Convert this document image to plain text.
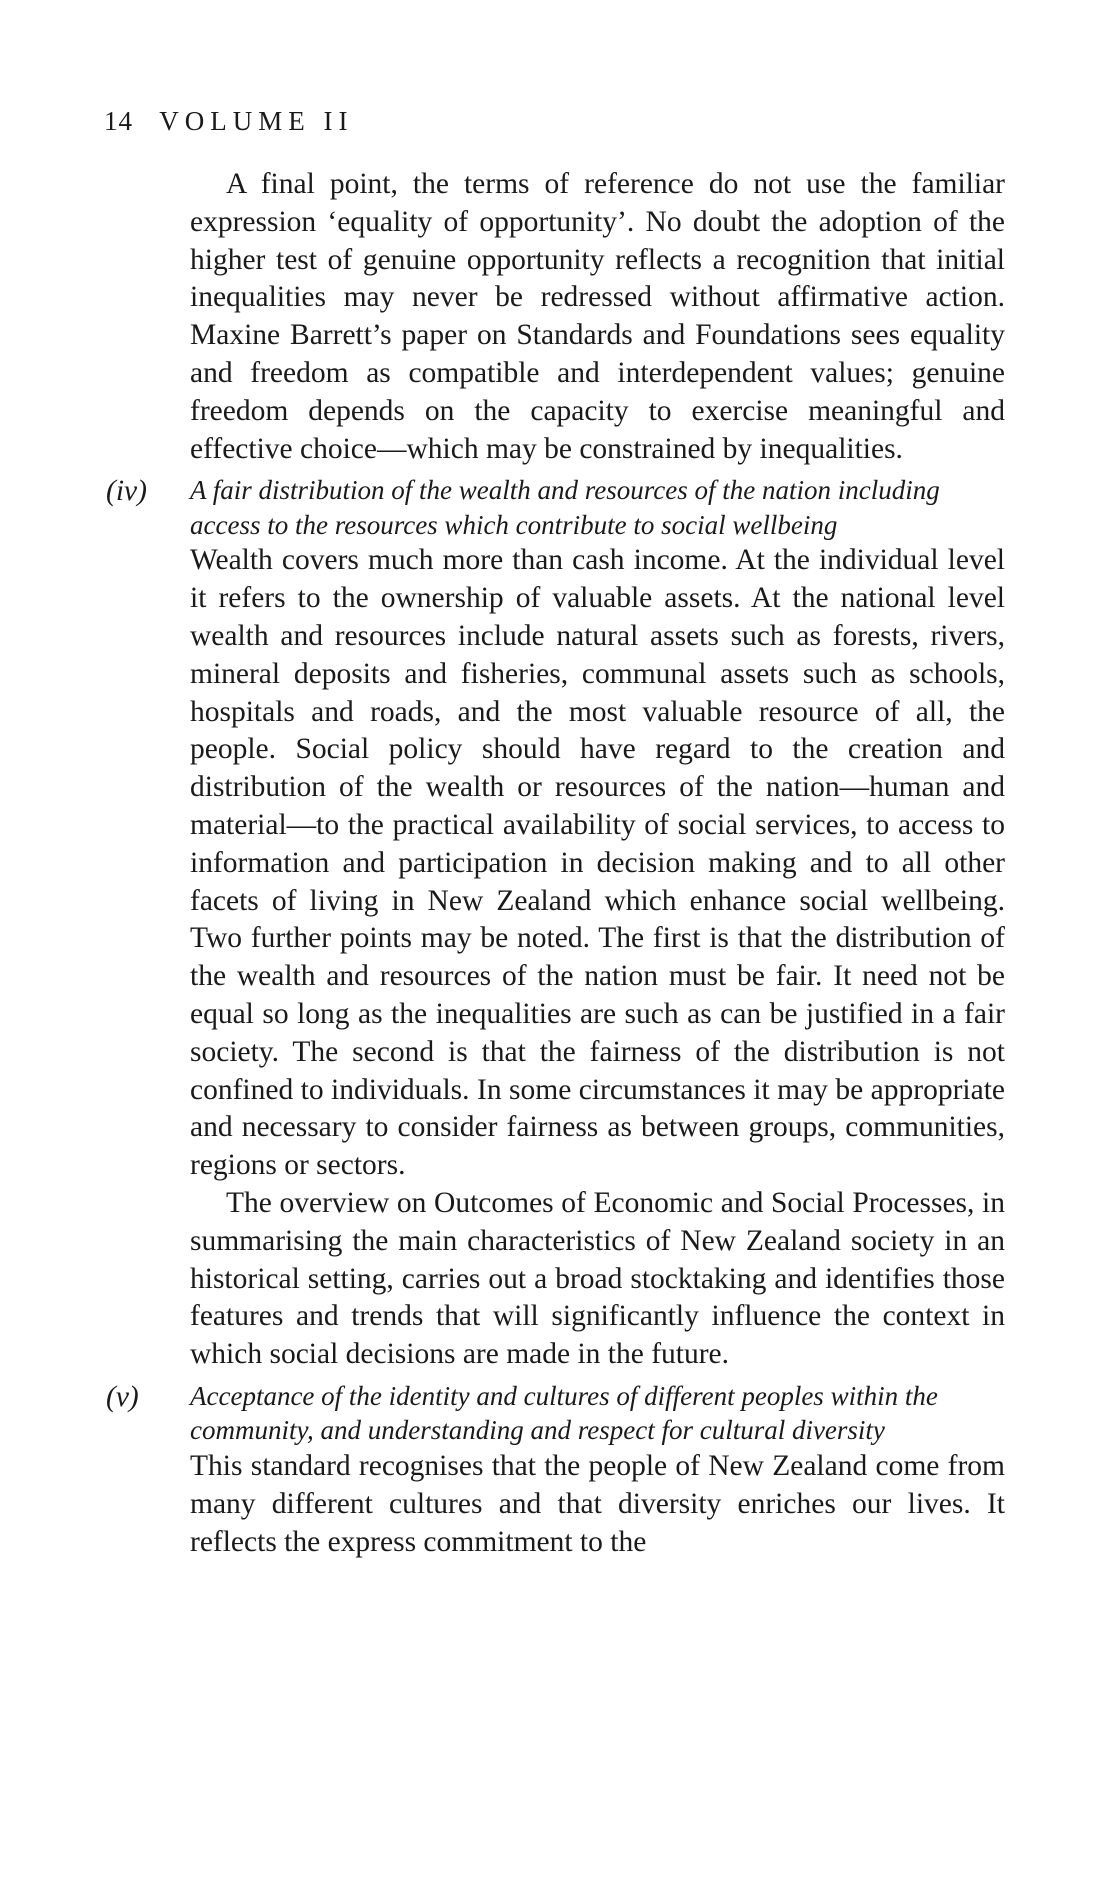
14 VOLUME II

A final point, the terms of reference do not use the familiar expression ‘equality of opportunity’. No doubt the adoption of the higher test of genuine opportunity reflects a recognition that initial inequalities may never be redressed without affirmative action. Maxine Barrett’s paper on Standards and Foundations sees equality and freedom as compatible and interdependent values; genuine freedom depends on the capacity to exercise meaningful and effective choice—which may be constrained by inequalities.

(iv) A fair distribution of the wealth and resources of the nation including access to the resources which contribute to social wellbeing

Wealth covers much more than cash income. At the individual level it refers to the ownership of valuable assets. At the national level wealth and resources include natural assets such as forests, rivers, mineral deposits and fisheries, communal assets such as schools, hospitals and roads, and the most valuable resource of all, the people. Social policy should have regard to the creation and distribution of the wealth or resources of the nation—human and material—to the practical availability of social services, to access to information and participation in decision making and to all other facets of living in New Zealand which enhance social wellbeing. Two further points may be noted. The first is that the distribution of the wealth and resources of the nation must be fair. It need not be equal so long as the inequalities are such as can be justified in a fair society. The second is that the fairness of the distribution is not confined to individuals. In some circumstances it may be appropriate and necessary to consider fairness as between groups, communities, regions or sectors.

The overview on Outcomes of Economic and Social Processes, in summarising the main characteristics of New Zealand society in an historical setting, carries out a broad stocktaking and identifies those features and trends that will significantly influence the context in which social decisions are made in the future.

(v) Acceptance of the identity and cultures of different peoples within the community, and understanding and respect for cultural diversity

This standard recognises that the people of New Zealand come from many different cultures and that diversity enriches our lives. It reflects the express commitment to the
